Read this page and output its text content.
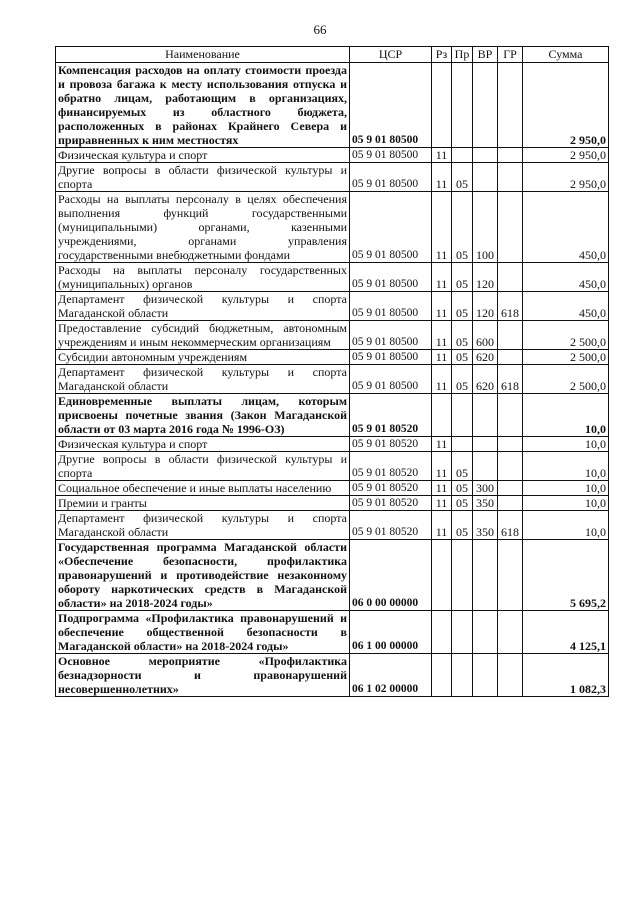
66
Наименование	ЦСР	Рз	Пр	ВР	ГР	Сумма
Компенсация расходов на оплату стоимости проезда и провоза багажа к месту использования отпуска и обратно лицам, работающим в организациях, финансируемых из областного бюджета, расположенных в районах Крайнего Севера и приравненных к ним местностях	05 9 01 80500					2 950,0
Физическая культура и спорт	05 9 01 80500	11				2 950,0
Другие вопросы в области физической культуры и спорта	05 9 01 80500	11	05			2 950,0
Расходы на выплаты персоналу в целях обеспечения выполнения функций государственными (муниципальными) органами, казенными учреждениями, органами управления государственными внебюджетными фондами	05 9 01 80500	11	05	100		450,0
Расходы на выплаты персоналу государственных (муниципальных) органов	05 9 01 80500	11	05	120		450,0
Департамент физической культуры и спорта Магаданской области	05 9 01 80500	11	05	120	618	450,0
Предоставление субсидий бюджетным, автономным учреждениям и иным некоммерческим организациям	05 9 01 80500	11	05	600		2 500,0
Субсидии автономным учреждениям	05 9 01 80500	11	05	620		2 500,0
Департамент физической культуры и спорта Магаданской области	05 9 01 80500	11	05	620	618	2 500,0
Единовременные выплаты лицам, которым присвоены почетные звания (Закон Магаданской области от 03 марта 2016 года № 1996-ОЗ)	05 9 01 80520					10,0
Физическая культура и спорт	05 9 01 80520	11				10,0
Другие вопросы в области физической культуры и спорта	05 9 01 80520	11	05			10,0
Социальное обеспечение и иные выплаты населению	05 9 01 80520	11	05	300		10,0
Премии и гранты	05 9 01 80520	11	05	350		10,0
Департамент физической культуры и спорта Магаданской области	05 9 01 80520	11	05	350	618	10,0
Государственная программа Магаданской области «Обеспечение безопасности, профилактика правонарушений и противодействие незаконному обороту наркотических средств в Магаданской области» на 2018-2024 годы»	06 0 00 00000					5 695,2
Подпрограмма «Профилактика правонарушений и обеспечение общественной безопасности в Магаданской области» на 2018-2024 годы»	06 1 00 00000					4 125,1
Основное мероприятие «Профилактика безнадзорности и правонарушений несовершеннолетних»	06 1 02 00000					1 082,3
